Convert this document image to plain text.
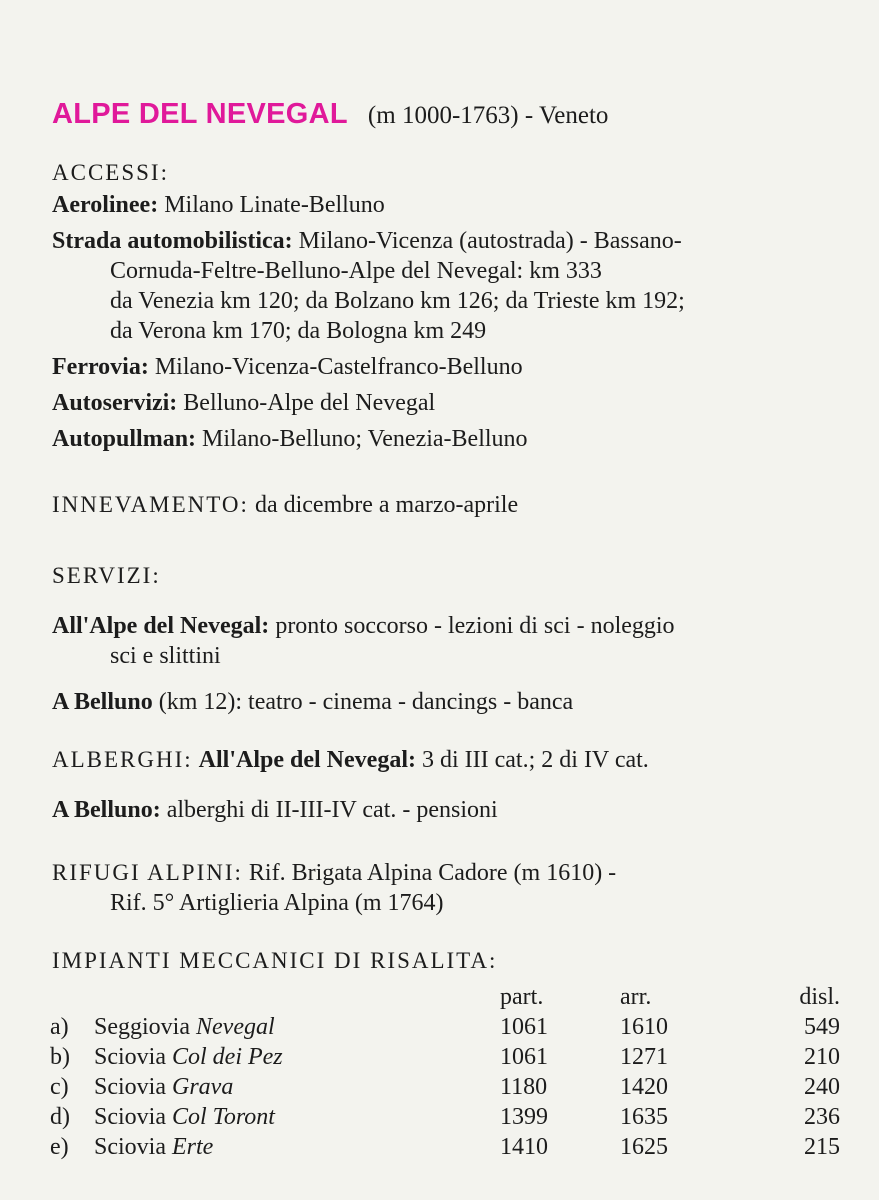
ALPE DEL NEVEGAL (m 1000-1763) - Veneto
ACCESSI:
Aerolinee: Milano Linate-Belluno
Strada automobilistica: Milano-Vicenza (autostrada) - Bassano-
Cornuda-Feltre-Belluno-Alpe del Nevegal: km 333
da Venezia km 120; da Bolzano km 126; da Trieste km 192;
da Verona km 170; da Bologna km 249
Ferrovia: Milano-Vicenza-Castelfranco-Belluno
Autoservizi: Belluno-Alpe del Nevegal
Autopullman: Milano-Belluno; Venezia-Belluno
INNEVAMENTO: da dicembre a marzo-aprile
SERVIZI:
All'Alpe del Nevegal: pronto soccorso - lezioni di sci - noleggio
sci e slittini
A Belluno (km 12): teatro - cinema - dancings - banca
ALBERGHI: All'Alpe del Nevegal: 3 di III cat.; 2 di IV cat.
A Belluno: alberghi di II-III-IV cat. - pensioni
RIFUGI ALPINI: Rif. Brigata Alpina Cadore (m 1610) -
Rif. 5° Artiglieria Alpina (m 1764)
IMPIANTI MECCANICI DI RISALITA:
		part.	arr.	disl.
a)	Seggiovia Nevegal	1061	1610	549
b)	Sciovia Col dei Pez	1061	1271	210
c)	Sciovia Grava	1180	1420	240
d)	Sciovia Col Toront	1399	1635	236
e)	Sciovia Erte	1410	1625	215
